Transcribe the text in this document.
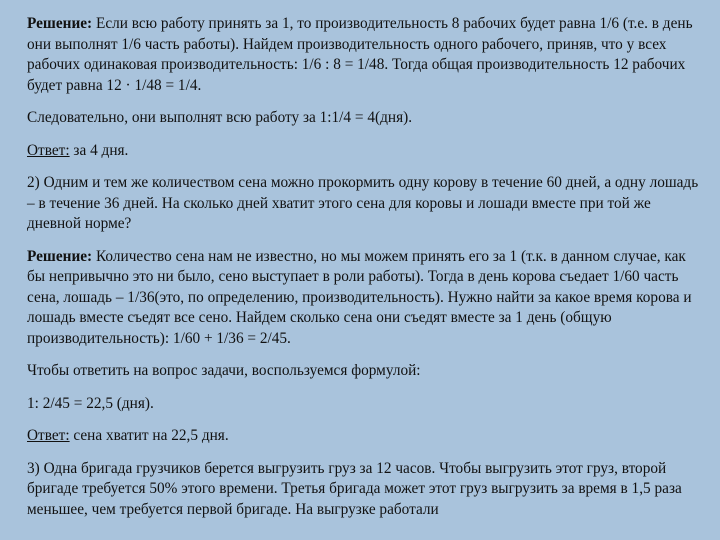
Решение: Если всю работу принять за 1, то производительность 8 рабочих будет равна 1/6 (т.е. в день они выполнят 1/6 часть работы). Найдем производительность одного рабочего, приняв, что у всех рабочих одинаковая производительность: 1/6 : 8 = 1/48. Тогда общая производительность 12 рабочих будет равна 12 · 1/48 = 1/4.

Следовательно, они выполнят всю работу за 1:1/4 = 4(дня).

Ответ: за 4 дня.

2) Одним и тем же количеством сена можно прокормить одну корову в течение 60 дней, а одну лошадь – в течение 36 дней. На сколько дней хватит этого сена для коровы и лошади вместе при той же дневной норме?

Решение: Количество сена нам не известно, но мы можем принять его за 1 (т.к. в данном случае, как бы непривычно это ни было, сено выступает в роли работы). Тогда в день корова съедает 1/60 часть сена, лошадь – 1/36(это, по определению, производительность). Нужно найти за какое время корова и лошадь вместе съедят все сено. Найдем сколько сена они съедят вместе за 1 день (общую производительность): 1/60 + 1/36 = 2/45.

Чтобы ответить на вопрос задачи, воспользуемся формулой:

1: 2/45 = 22,5 (дня).

Ответ: сена хватит на 22,5 дня.

3) Одна бригада грузчиков берется выгрузить груз за 12 часов. Чтобы выгрузить этот груз, второй бригаде требуется 50% этого времени. Третья бригада может этот груз выгрузить за время в 1,5 раза меньшее, чем требуется первой бригаде. На выгрузке работали
